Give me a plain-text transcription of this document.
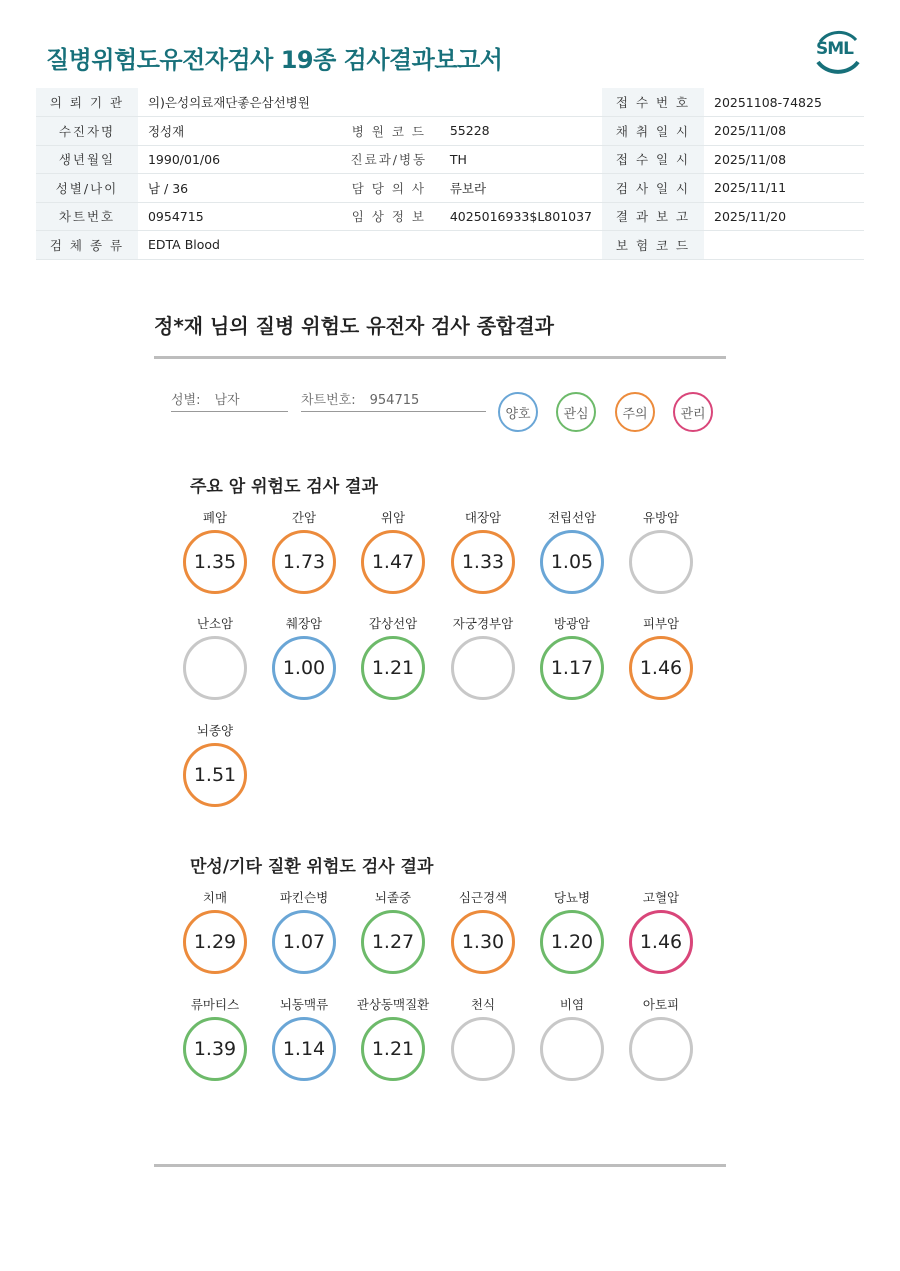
질병위험도유전자검사 19종 검사결과보고서	SML
의 뢰 기 관	의)은성의료재단좋은삼선병원			접 수 번 호	20251108-74825
수진자명	정성재	병 원 코 드	55228	채 취 일 시	2025/11/08
생년월일	1990/01/06	진료과/병동	TH	접 수 일 시	2025/11/08
성별/나이	남 / 36	담 당 의 사	류보라	검 사 일 시	2025/11/11
차트번호	0954715	임 상 정 보	4025016933$L801037	결 과 보 고	2025/11/20
검 체 종 류	EDTA Blood			보 험 코 드	
정*재 님의 질병 위험도 유전자 검사 종합결과
성별: 남자	차트번호: 954715
양호	관심	주의	관리
주요 암 위험도 검사 결과
폐암
1.35
간암
1.73
위암
1.47
대장암
1.33
전립선암
1.05
유방암
난소암	췌장암
1.00
갑상선암
1.21
자궁경부암	방광암
1.17
피부암
1.46
뇌종양
1.51
만성/기타 질환 위험도 검사 결과
치매
1.29
파킨슨병
1.07
뇌졸중
1.27
심근경색
1.30
당뇨병
1.20
고혈압
1.46
류마티스
1.39
뇌동맥류
1.14
관상동맥질환
1.21
천식	비염	아토피
